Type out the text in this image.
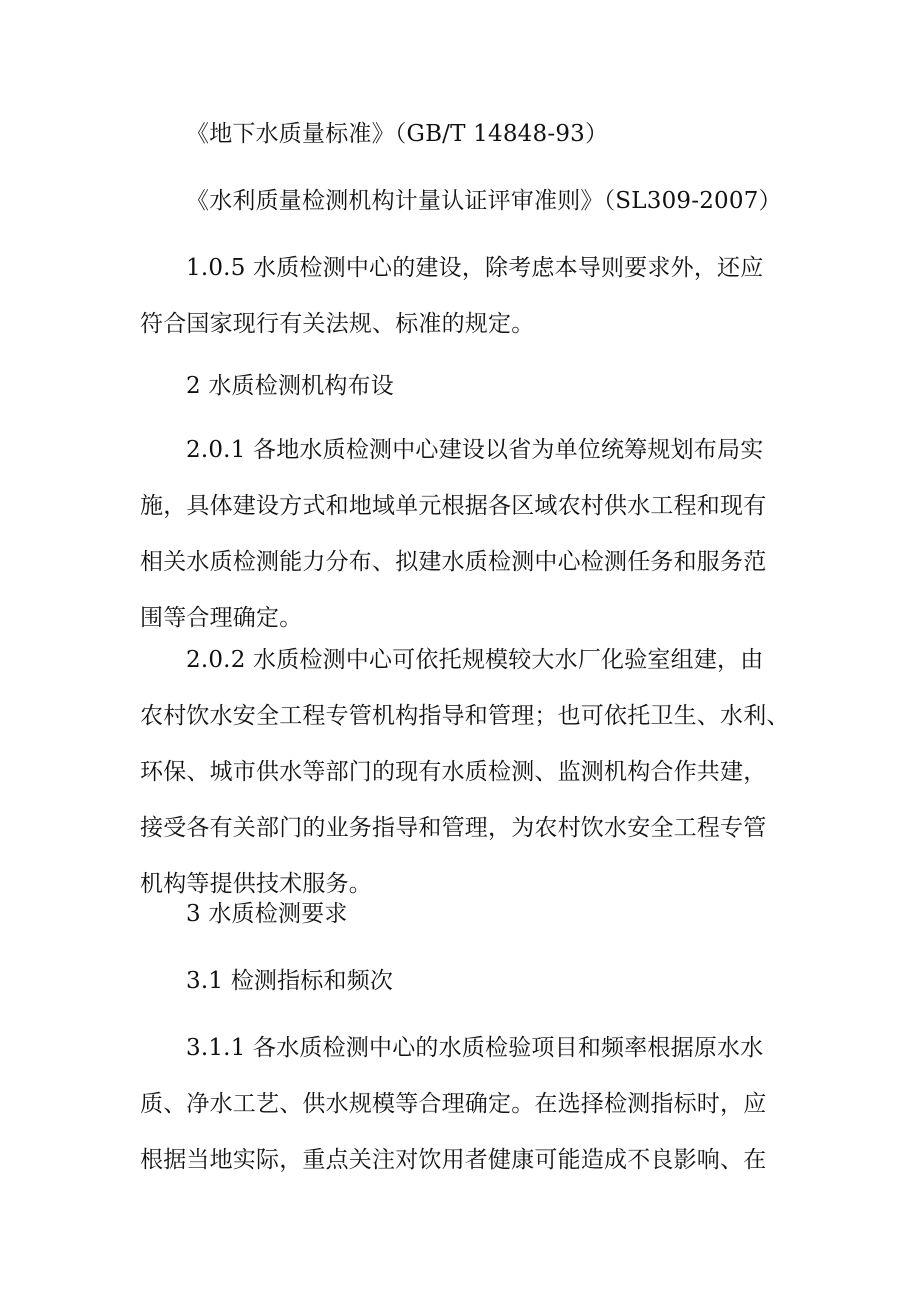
《地下水质量标准》（GB/T 14848-93）

《水利质量检测机构计量认证评审准则》（SL309-2007）

1.0.5 水质检测中心的建设，除考虑本导则要求外，还应
符合国家现行有关法规、标准的规定。

2 水质检测机构布设

2.0.1 各地水质检测中心建设以省为单位统筹规划布局实
施，具体建设方式和地域单元根据各区域农村供水工程和现有
相关水质检测能力分布、拟建水质检测中心检测任务和服务范
围等合理确定。

2.0.2 水质检测中心可依托规模较大水厂化验室组建，由
农村饮水安全工程专管机构指导和管理；也可依托卫生、水利、
环保、城市供水等部门的现有水质检测、监测机构合作共建，
接受各有关部门的业务指导和管理，为农村饮水安全工程专管
机构等提供技术服务。

3 水质检测要求

3.1 检测指标和频次

3.1.1 各水质检测中心的水质检验项目和频率根据原水水
质、净水工艺、供水规模等合理确定。在选择检测指标时，应
根据当地实际，重点关注对饮用者健康可能造成不良影响、在
